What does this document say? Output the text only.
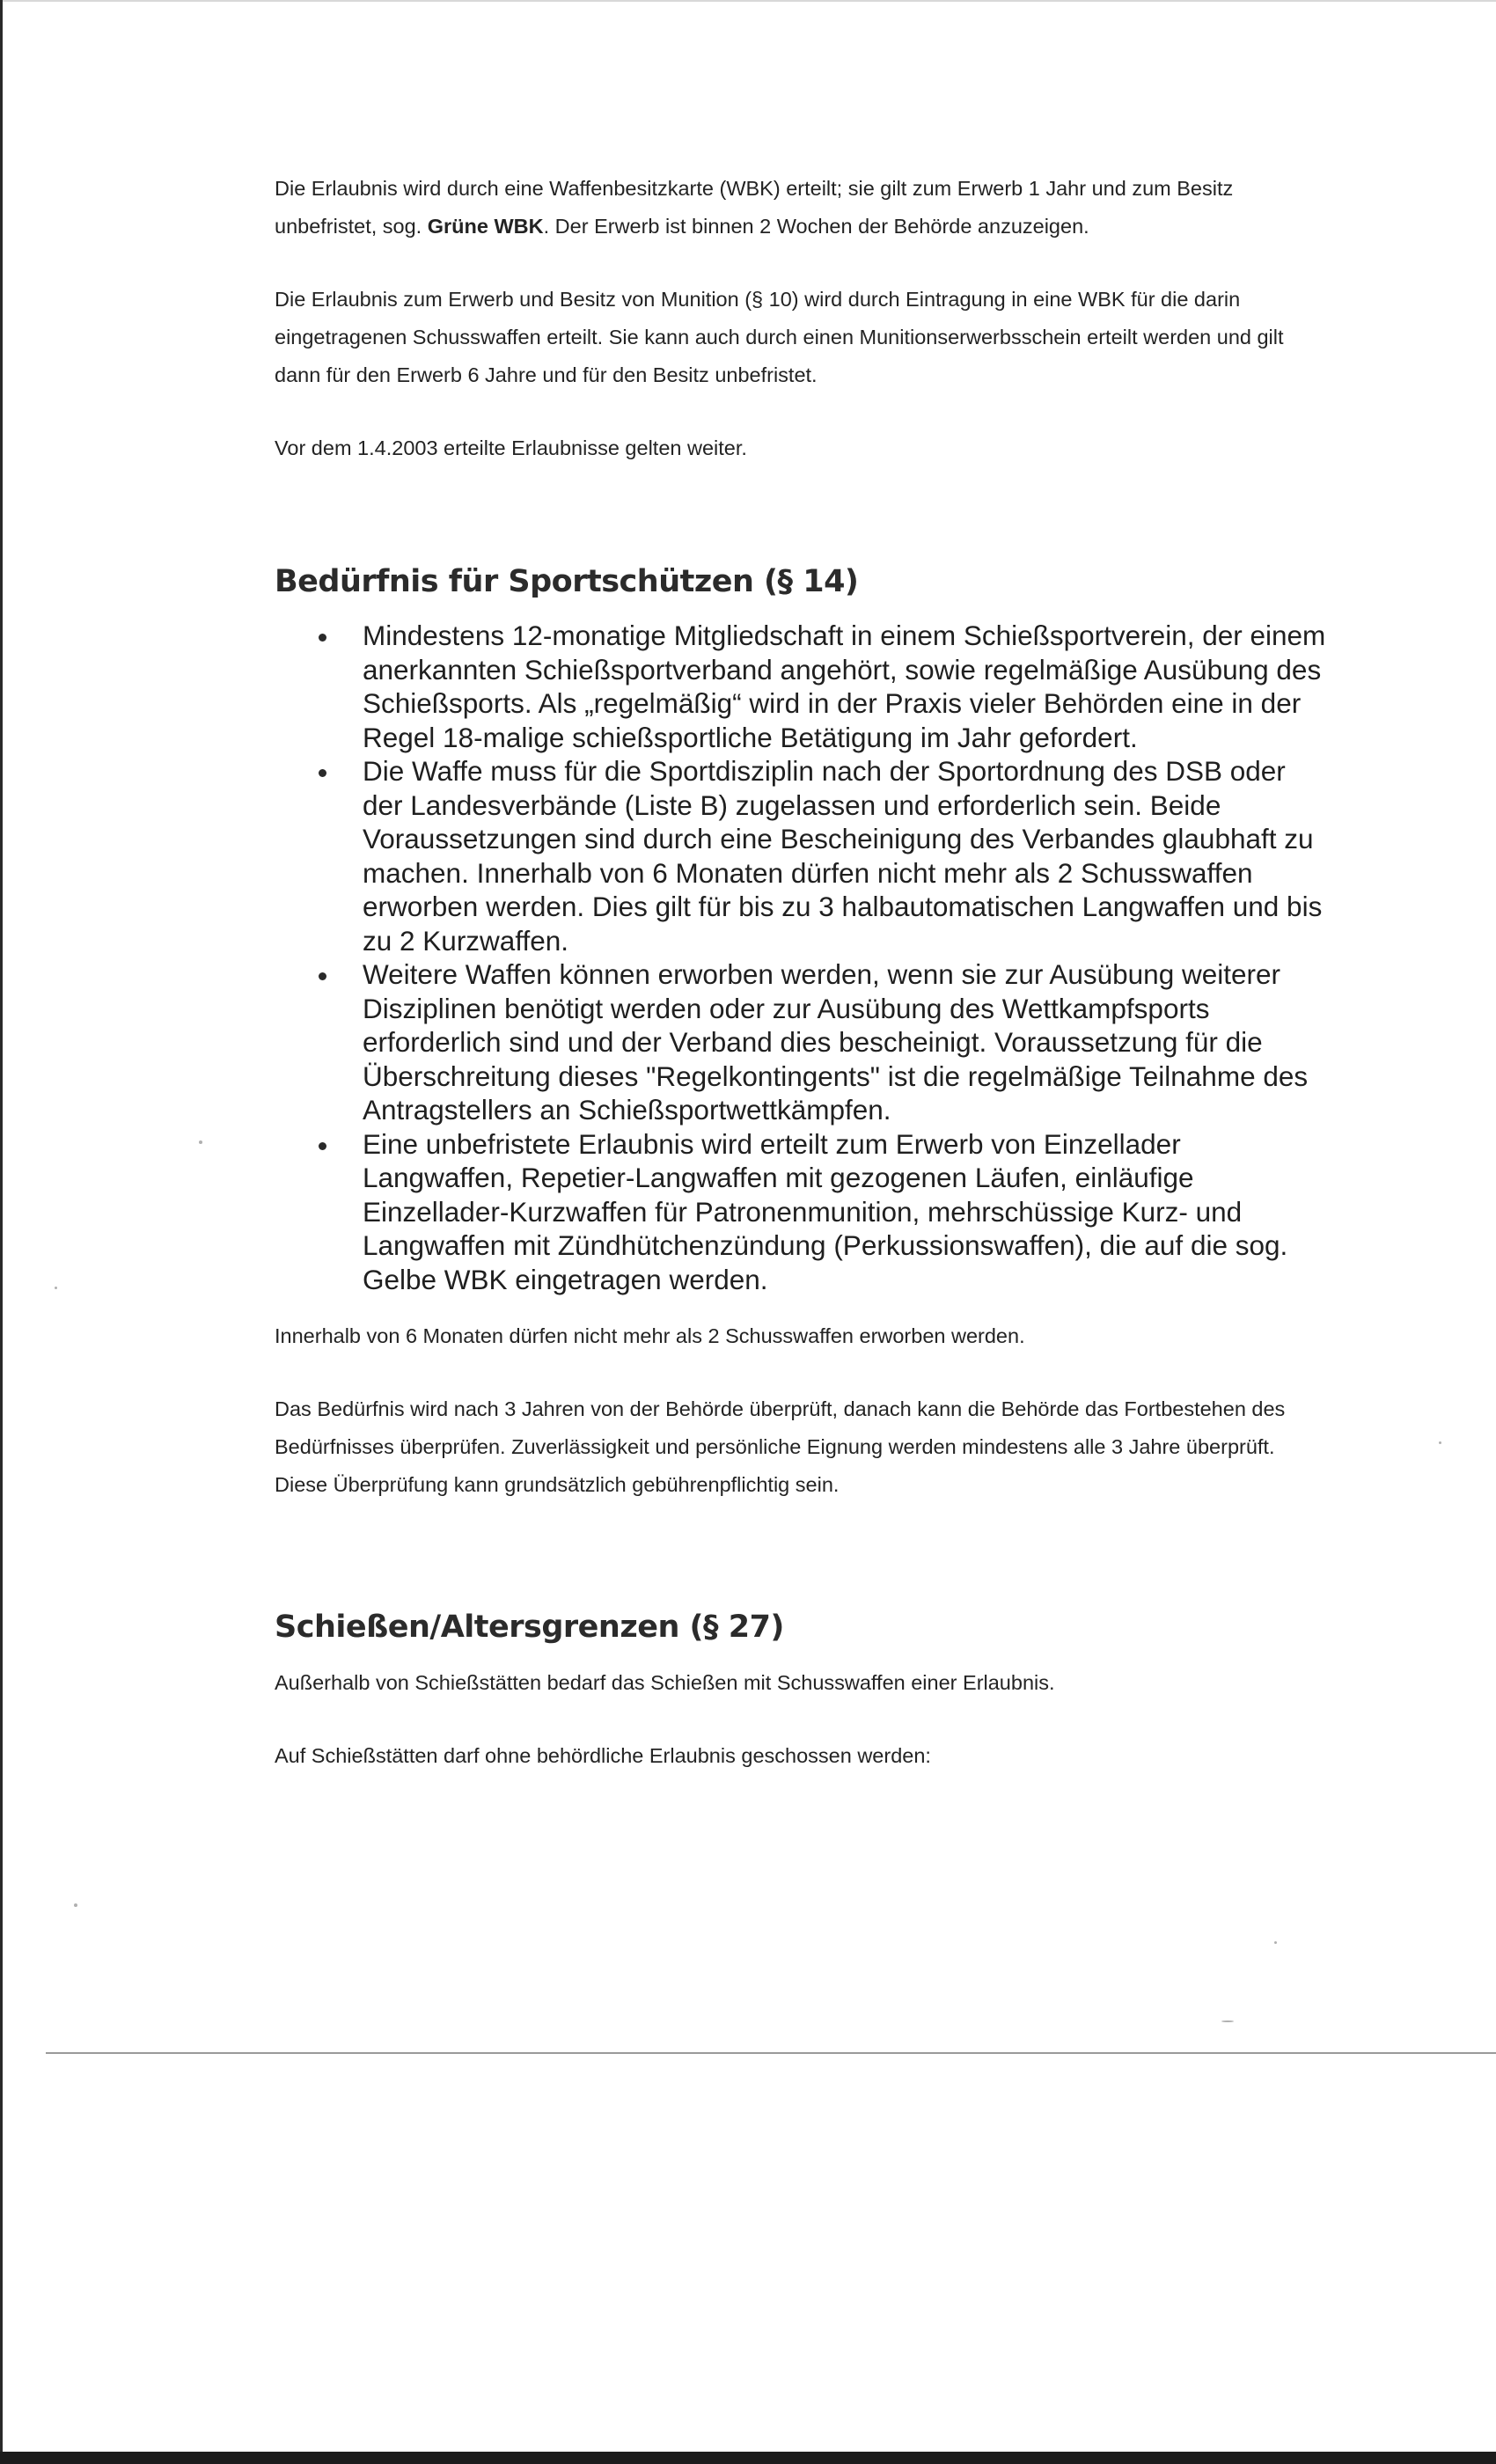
Die Erlaubnis wird durch eine Waffenbesitzkarte (WBK) erteilt; sie gilt zum Erwerb 1 Jahr und zum Besitz unbefristet, sog. Grüne WBK. Der Erwerb ist binnen 2 Wochen der Behörde anzuzeigen.

Die Erlaubnis zum Erwerb und Besitz von Munition (§ 10) wird durch Eintragung in eine WBK für die darin eingetragenen Schusswaffen erteilt. Sie kann auch durch einen Munitionserwerbsschein erteilt werden und gilt dann für den Erwerb 6 Jahre und für den Besitz unbefristet.

Vor dem 1.4.2003 erteilte Erlaubnisse gelten weiter.

Bedürfnis für Sportschützen (§ 14)
Mindestens 12-monatige Mitgliedschaft in einem Schießsportverein, der einem anerkannten Schießsportverband angehört, sowie regelmäßige Ausübung des Schießsports. Als „regelmäßig“ wird in der Praxis vieler Behörden eine in der Regel 18-malige schießsportliche Betätigung im Jahr gefordert.
Die Waffe muss für die Sportdisziplin nach der Sportordnung des DSB oder der Landesverbände (Liste B) zugelassen und erforderlich sein. Beide Voraussetzungen sind durch eine Bescheinigung des Verbandes glaubhaft zu machen. Innerhalb von 6 Monaten dürfen nicht mehr als 2 Schusswaffen erworben werden. Dies gilt für bis zu 3 halbautomatischen Langwaffen und bis zu 2 Kurzwaffen.
Weitere Waffen können erworben werden, wenn sie zur Ausübung weiterer Disziplinen benötigt werden oder zur Ausübung des Wettkampfsports erforderlich sind und der Verband dies bescheinigt. Voraussetzung für die Überschreitung dieses "Regelkontingents" ist die regelmäßige Teilnahme des Antragstellers an Schießsportwettkämpfen.
Eine unbefristete Erlaubnis wird erteilt zum Erwerb von Einzellader Langwaffen, Repetier-Langwaffen mit gezogenen Läufen, einläufige Einzellader-Kurzwaffen für Patronenmunition, mehrschüssige Kurz- und Langwaffen mit Zündhütchenzündung (Perkussionswaffen), die auf die sog. Gelbe WBK eingetragen werden.

Innerhalb von 6 Monaten dürfen nicht mehr als 2 Schusswaffen erworben werden.

Das Bedürfnis wird nach 3 Jahren von der Behörde überprüft, danach kann die Behörde das Fortbestehen des Bedürfnisses überprüfen. Zuverlässigkeit und persönliche Eignung werden mindestens alle 3 Jahre überprüft.

Diese Überprüfung kann grundsätzlich gebührenpflichtig sein.

Schießen/Altersgrenzen (§ 27)

Außerhalb von Schießstätten bedarf das Schießen mit Schusswaffen einer Erlaubnis.

Auf Schießstätten darf ohne behördliche Erlaubnis geschossen werden:
